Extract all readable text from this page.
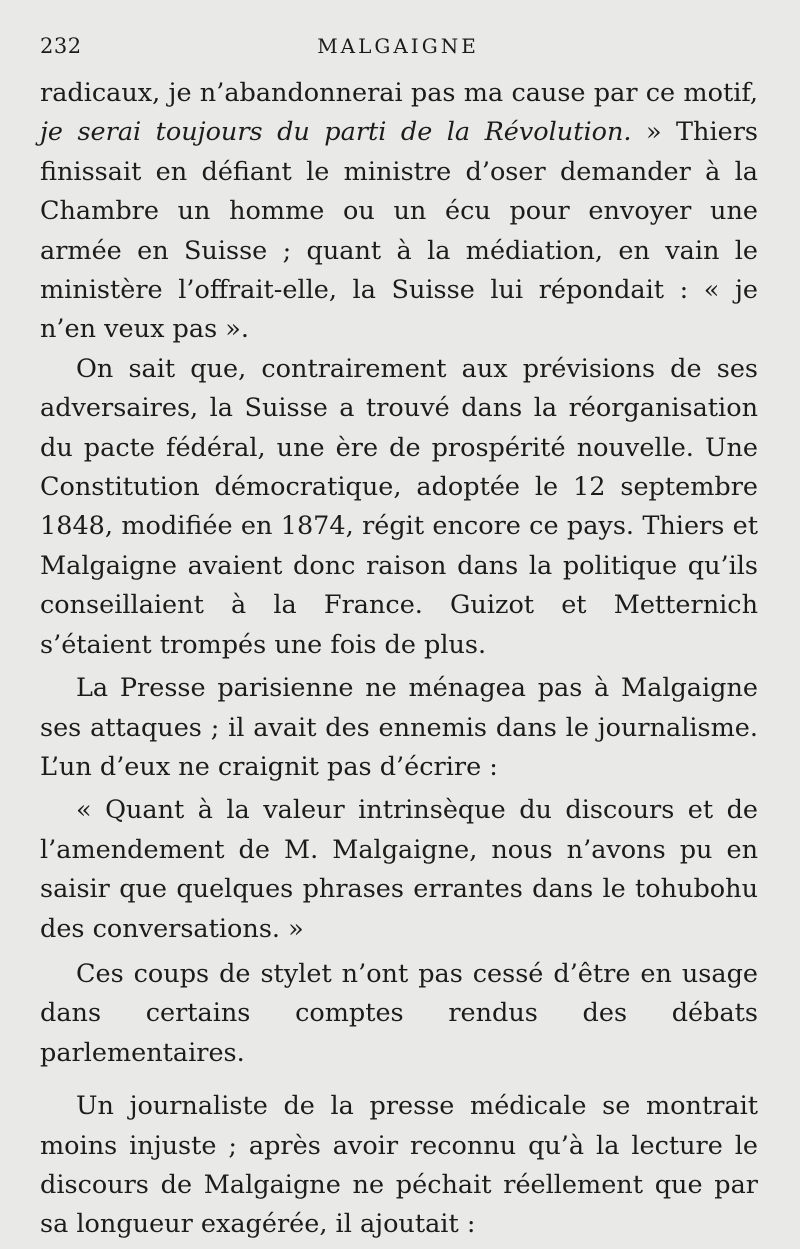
232	MALGAIGNE

radicaux, je n’abandonnerai pas ma cause par ce motif, je serai toujours du parti de la Révolution. » Thiers finissait en défiant le ministre d’oser demander à la Chambre un homme ou un écu pour envoyer une armée en Suisse ; quant à la médiation, en vain le ministère l’offrait-elle, la Suisse lui répondait : « je n’en veux pas ».

On sait que, contrairement aux prévisions de ses adversaires, la Suisse a trouvé dans la réorganisation du pacte fédéral, une ère de prospérité nouvelle. Une Constitution démocratique, adoptée le 12 septembre 1848, modifiée en 1874, régit encore ce pays. Thiers et Malgaigne avaient donc raison dans la politique qu’ils conseillaient à la France. Guizot et Metternich s’étaient trompés une fois de plus.

La Presse parisienne ne ménagea pas à Malgaigne ses attaques ; il avait des ennemis dans le journalisme. L’un d’eux ne craignit pas d’écrire :

« Quant à la valeur intrinsèque du discours et de l’amendement de M. Malgaigne, nous n’avons pu en saisir que quelques phrases errantes dans le tohubohu des conversations. »

Ces coups de stylet n’ont pas cessé d’être en usage dans certains comptes rendus des débats parlementaires.

Un journaliste de la presse médicale se montrait moins injuste ; après avoir reconnu qu’à la lecture le discours de Malgaigne ne péchait réellement que par sa longueur exagérée, il ajoutait :
